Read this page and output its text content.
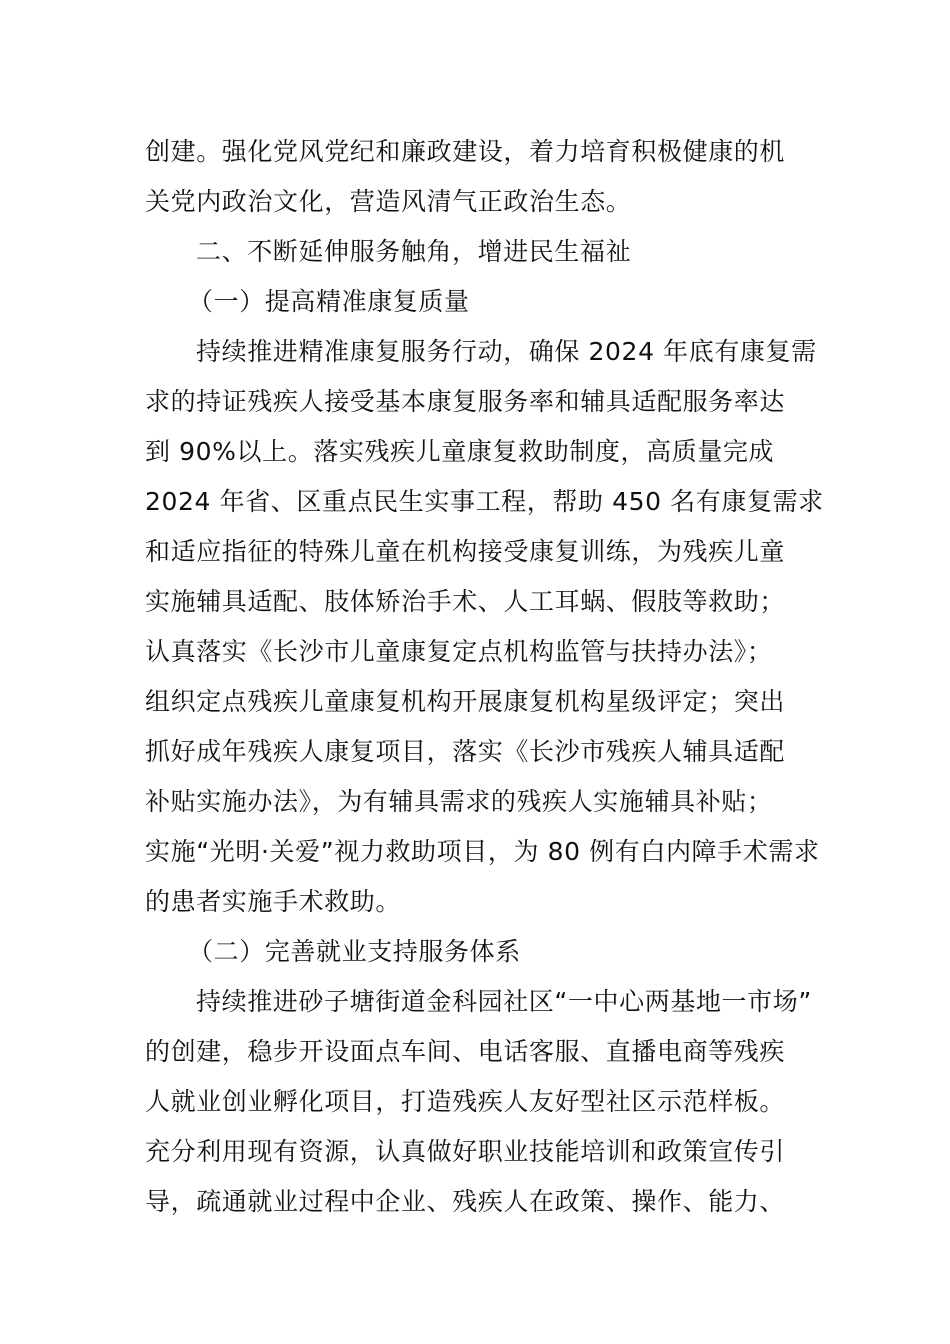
创建。强化党风党纪和廉政建设，着力培育积极健康的机
关党内政治文化，营造风清气正政治生态。
二、不断延伸服务触角，增进民生福祉
（一）提高精准康复质量
持续推进精准康复服务行动，确保 2024 年底有康复需
求的持证残疾人接受基本康复服务率和辅具适配服务率达
到 90%以上。落实残疾儿童康复救助制度，高质量完成
2024 年省、区重点民生实事工程，帮助 450 名有康复需求
和适应指征的特殊儿童在机构接受康复训练，为残疾儿童
实施辅具适配、肢体矫治手术、人工耳蜗、假肢等救助；
认真落实《长沙市儿童康复定点机构监管与扶持办法》；
组织定点残疾儿童康复机构开展康复机构星级评定；突出
抓好成年残疾人康复项目，落实《长沙市残疾人辅具适配
补贴实施办法》，为有辅具需求的残疾人实施辅具补贴；
实施“光明·关爱”视力救助项目，为 80 例有白内障手术需求
的患者实施手术救助。
（二）完善就业支持服务体系
持续推进砂子塘街道金科园社区“一中心两基地一市场”
的创建，稳步开设面点车间、电话客服、直播电商等残疾
人就业创业孵化项目，打造残疾人友好型社区示范样板。
充分利用现有资源，认真做好职业技能培训和政策宣传引
导，疏通就业过程中企业、残疾人在政策、操作、能力、
